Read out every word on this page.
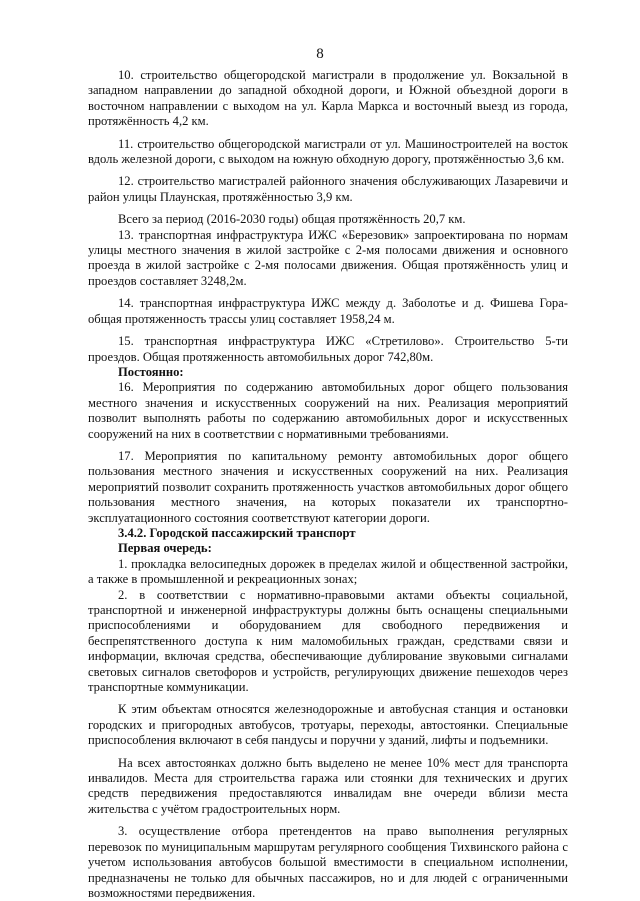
8

10. строительство общегородской магистрали в продолжение ул. Вокзальной в западном направлении до западной обходной дороги, и Южной объездной дороги в восточном направлении с выходом на ул. Карла Маркса и восточный выезд из города, протяжённость 4,2 км.

11. строительство общегородской магистрали от ул. Машиностроителей на восток вдоль железной дороги, с выходом на южную обходную дорогу, протяжённостью 3,6 км.

12. строительство магистралей районного значения обслуживающих Лазаревичи и район улицы Плаунская, протяжённостью 3,9 км.

Всего за период (2016-2030 годы) общая протяжённость 20,7 км.

13. транспортная инфраструктура ИЖС «Березовик» запроектирована по нормам улицы местного значения в жилой застройке с 2-мя полосами движения и основного проезда в жилой застройке с 2-мя полосами движения. Общая протяжённость улиц и проездов составляет 3248,2м.

14. транспортная инфраструктура ИЖС между д. Заболотье и д. Фишева Гора-общая протяженность трассы улиц составляет 1958,24 м.

15. транспортная инфраструктура ИЖС «Стретилово». Строительство 5-ти проездов. Общая протяженность автомобильных дорог 742,80м.

Постоянно:

16. Мероприятия по содержанию автомобильных дорог общего пользования местного значения и искусственных сооружений на них. Реализация мероприятий позволит выполнять работы по содержанию автомобильных дорог и искусственных сооружений на них в соответствии с нормативными требованиями.

17. Мероприятия по капитальному ремонту автомобильных дорог общего пользования местного значения и искусственных сооружений на них. Реализация мероприятий позволит сохранить протяженность участков автомобильных дорог общего пользования местного значения, на которых показатели их транспортно- эксплуатационного состояния соответствуют категории дороги.

3.4.2. Городской пассажирский транспорт

Первая очередь:

1. прокладка велосипедных дорожек в пределах жилой и общественной застройки, а также в промышленной и рекреационных зонах;

2. в соответствии с нормативно-правовыми актами объекты социальной, транспортной и инженерной инфраструктуры должны быть оснащены специальными приспособлениями и оборудованием для свободного передвижения и беспрепятственного доступа к ним маломобильных граждан, средствами связи и информации, включая средства, обеспечивающие дублирование звуковыми сигналами световых сигналов светофоров и устройств, регулирующих движение пешеходов через транспортные коммуникации.

К этим объектам относятся железнодорожные и автобусная станция и остановки городских и пригородных автобусов, тротуары, переходы, автостоянки. Специальные приспособления включают в себя пандусы и поручни у зданий, лифты и подъемники.

На всех автостоянках должно быть выделено не менее 10% мест для транспорта инвалидов. Места для строительства гаража или стоянки для технических и других средств передвижения предоставляются инвалидам вне очереди вблизи места жительства с учётом градостроительных норм.

3. осуществление отбора претендентов на право выполнения регулярных перевозок по муниципальным маршрутам регулярного сообщения Тихвинского района с учетом использования автобусов большой вместимости в специальном исполнении, предназначены не только для обычных пассажиров, но и для людей с ограниченными возможностями передвижения.
